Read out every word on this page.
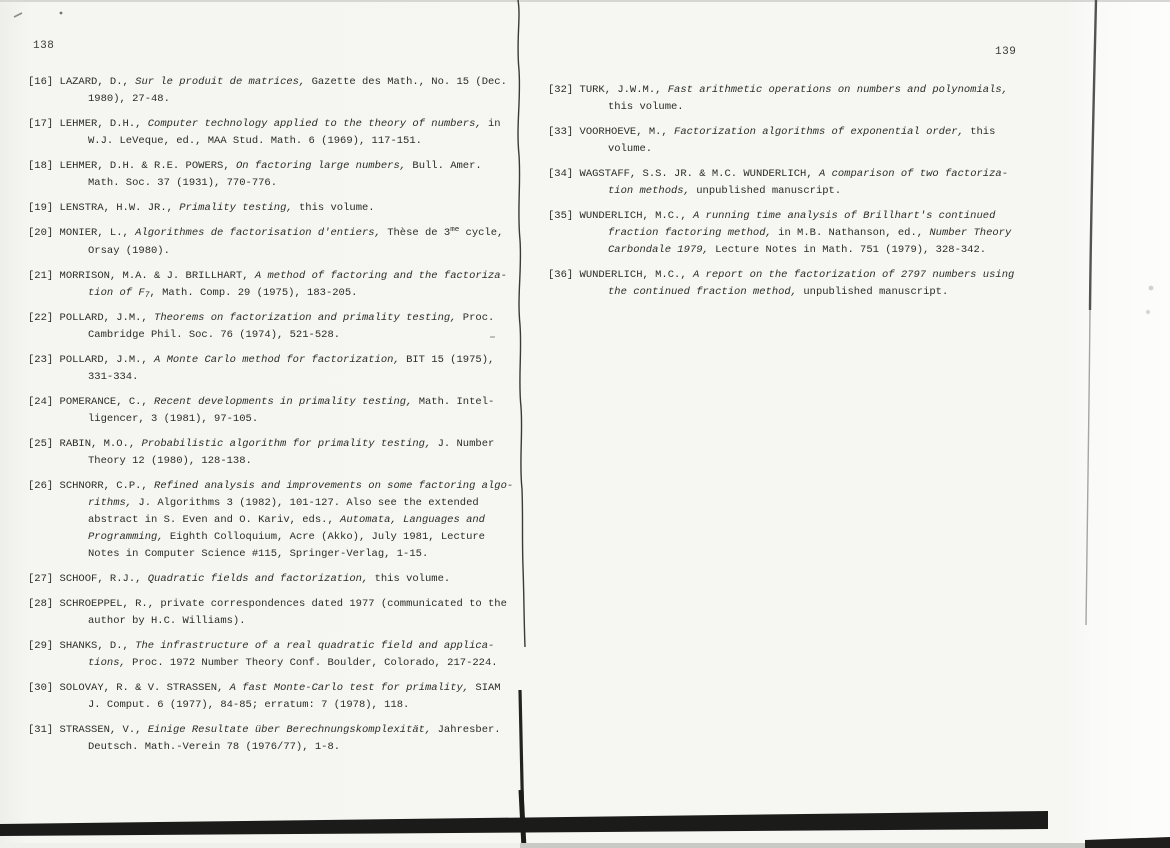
138
[16] LAZARD, D., Sur le produit de matrices, Gazette des Math., No. 15 (Dec.
1980), 27-48.
[17] LEHMER, D.H., Computer technology applied to the theory of numbers, in
W.J. LeVeque, ed., MAA Stud. Math. 6 (1969), 117-151.
[18] LEHMER, D.H. & R.E. POWERS, On factoring large numbers, Bull. Amer.
Math. Soc. 37 (1931), 770-776.
[19] LENSTRA, H.W. JR., Primality testing, this volume.
[20] MONIER, L., Algorithmes de factorisation d'entiers, Thèse de $3^{me}$ cycle,
Orsay (1980).
[21] MORRISON, M.A. & J. BRILLHART, A method of factoring and the factoriza-
tion of F7, Math. Comp. 29 (1975), 183-205.
[22] POLLARD, J.M., Theorems on factorization and primality testing, Proc.
Cambridge Phil. Soc. 76 (1974), 521-528.
[23] POLLARD, J.M., A Monte Carlo method for factorization, BIT 15 (1975),
331-334.
[24] POMERANCE, C., Recent developments in primality testing, Math. Intel-
ligencer, 3 (1981), 97-105.
[25] RABIN, M.O., Probabilistic algorithm for primality testing, J. Number
Theory 12 (1980), 128-138.
[26] SCHNORR, C.P., Refined analysis and improvements on some factoring algo-
rithms, J. Algorithms 3 (1982), 101-127. Also see the extended
abstract in S. Even and O. Kariv, eds., Automata, Languages and
Programming, Eighth Colloquium, Acre (Akko), July 1981, Lecture
Notes in Computer Science #115, Springer-Verlag, 1-15.
[27] SCHOOF, R.J., Quadratic fields and factorization, this volume.
[28] SCHROEPPEL, R., private correspondences dated 1977 (communicated to the
author by H.C. Williams).
[29] SHANKS, D., The infrastructure of a real quadratic field and applica-
tions, Proc. 1972 Number Theory Conf. Boulder, Colorado, 217-224.
[30] SOLOVAY, R. & V. STRASSEN, A fast Monte-Carlo test for primality, SIAM
J. Comput. 6 (1977), 84-85; erratum: 7 (1978), 118.
[31] STRASSEN, V., Einige Resultate über Berechnungskomplexität, Jahresber.
Deutsch. Math.-Verein 78 (1976/77), 1-8.
139
[32] TURK, J.W.M., Fast arithmetic operations on numbers and polynomials,
this volume.
[33] VOORHOEVE, M., Factorization algorithms of exponential order, this
volume.
[34] WAGSTAFF, S.S. JR. & M.C. WUNDERLICH, A comparison of two factoriza-
tion methods, unpublished manuscript.
[35] WUNDERLICH, M.C., A running time analysis of Brillhart's continued
fraction factoring method, in M.B. Nathanson, ed., Number Theory
Carbondale 1979, Lecture Notes in Math. 751 (1979), 328-342.
[36] WUNDERLICH, M.C., A report on the factorization of 2797 numbers using
the continued fraction method, unpublished manuscript.
